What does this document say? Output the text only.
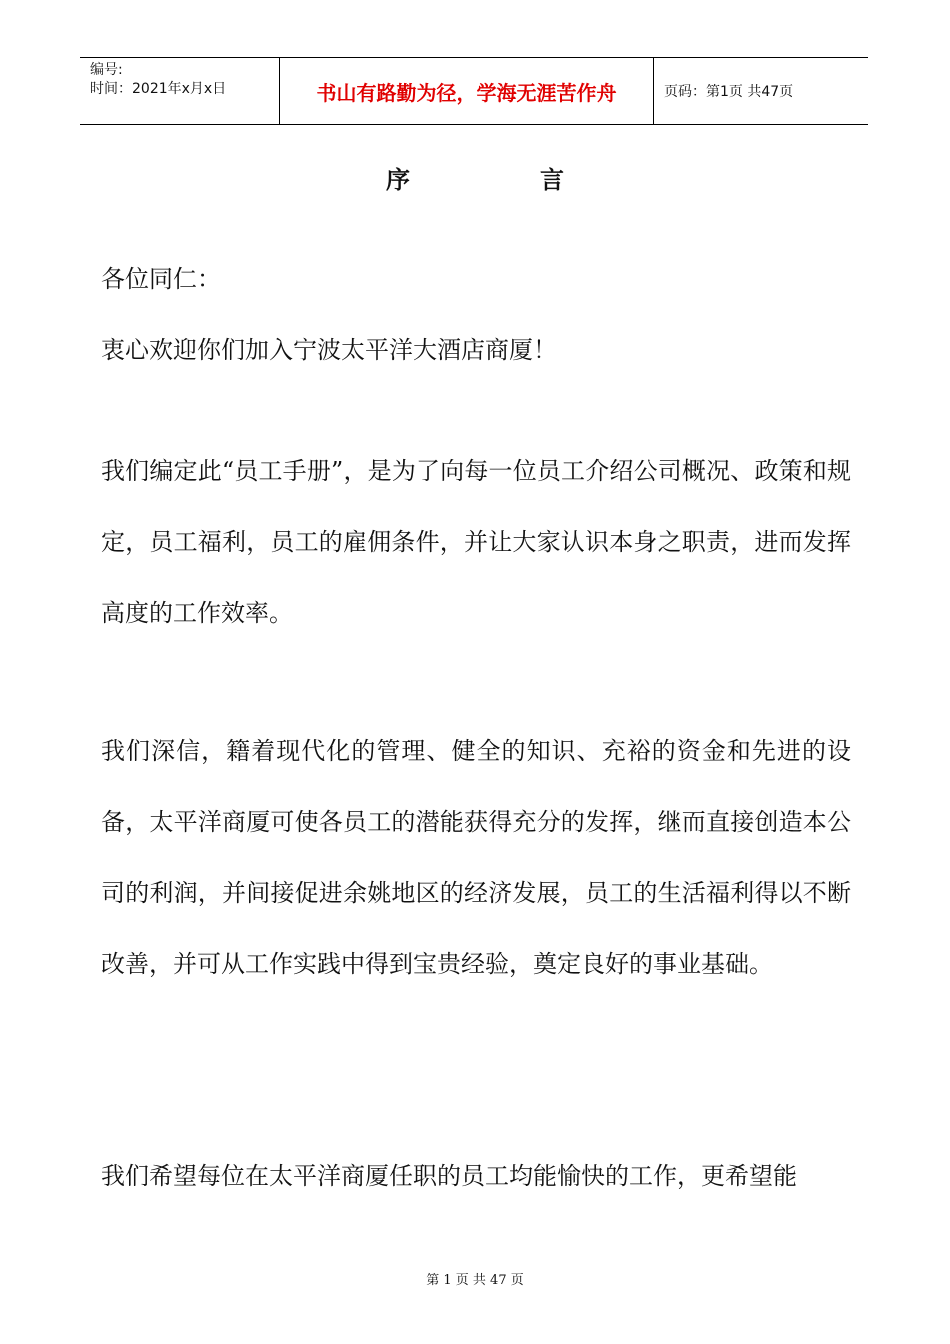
编号:
时间：2021年x月x日	书山有路勤为径，学海无涯苦作舟	页码：第1页 共47页
序	言

各位同仁：

衷心欢迎你们加入宁波太平洋大酒店商厦！

我们编定此“员工手册”，是为了向每一位员工介绍公司概况、政策和规定，员工福利，员工的雇佣条件，并让大家认识本身之职责，进而发挥高度的工作效率。

我们深信，籍着现代化的管理、健全的知识、充裕的资金和先进的设备，太平洋商厦可使各员工的潜能获得充分的发挥，继而直接创造本公司的利润，并间接促进余姚地区的经济发展，员工的生活福利得以不断改善，并可从工作实践中得到宝贵经验，奠定良好的事业基础。

我们希望每位在太平洋商厦任职的员工均能愉快的工作，更希望能

第 1 页 共 47 页
